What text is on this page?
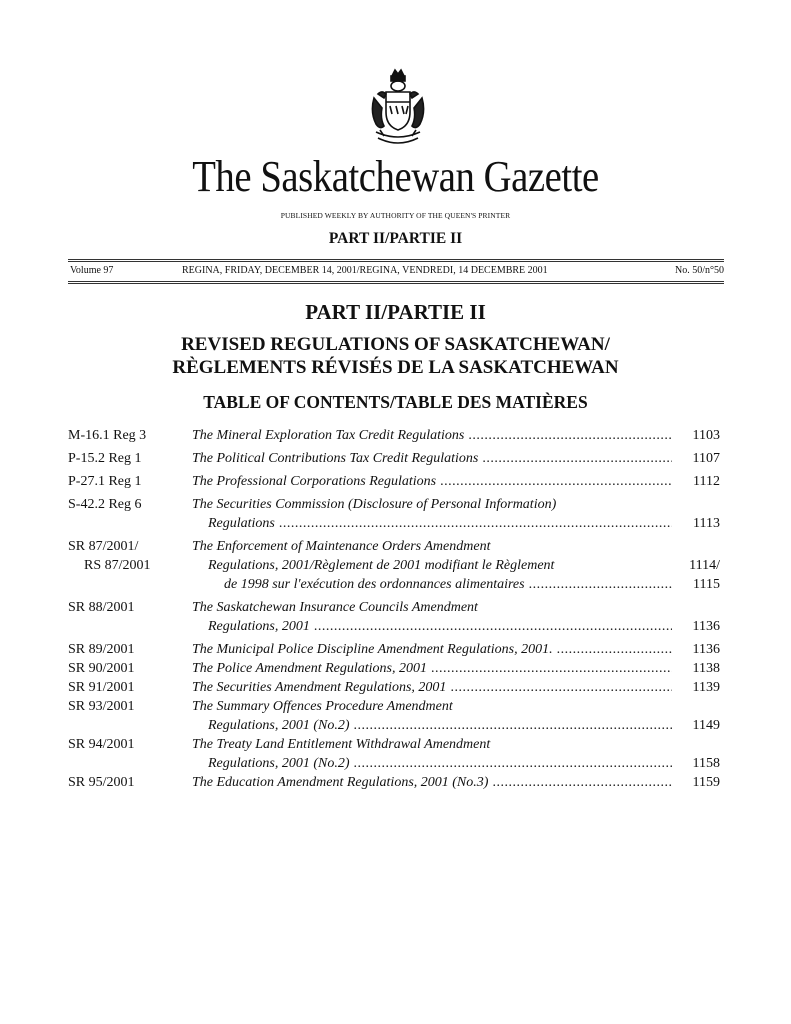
The Saskatchewan Gazette
PUBLISHED WEEKLY BY AUTHORITY OF THE QUEEN'S PRINTER
PART II/PARTIE II
Volume 97	REGINA, FRIDAY, DECEMBER 14, 2001/REGINA, VENDREDI, 14 DECEMBRE 2001	No. 50/n°50
PART II/PARTIE II
REVISED REGULATIONS OF SASKATCHEWAN/
RÈGLEMENTS RÉVISÉS DE LA SASKATCHEWAN
TABLE OF CONTENTS/TABLE DES MATIÈRES
M-16.1 Reg 3	The Mineral Exploration Tax Credit Regulations .....	1103
P-15.2 Reg 1	The Political Contributions Tax Credit Regulations .....	1107
P-27.1 Reg 1	The Professional Corporations Regulations .....	1112
S-42.2 Reg 6	The Securities Commission (Disclosure of Personal Information)
Regulations .....	1113
SR 87/2001/	The Enforcement of Maintenance Orders Amendment
RS 87/2001	Regulations, 2001/Règlement de 2001 modifiant le Règlement	1114/
de 1998 sur l'exécution des ordonnances alimentaires .....	1115
SR 88/2001	The Saskatchewan Insurance Councils Amendment
Regulations, 2001 .....	1136
SR 89/2001	The Municipal Police Discipline Amendment Regulations, 2001. .....	1136
SR 90/2001	The Police Amendment Regulations, 2001 .....	1138
SR 91/2001	The Securities Amendment Regulations, 2001 .....	1139
SR 93/2001	The Summary Offences Procedure Amendment
Regulations, 2001 (No.2) .....	1149
SR 94/2001	The Treaty Land Entitlement Withdrawal Amendment
Regulations, 2001 (No.2) .....	1158
SR 95/2001	The Education Amendment Regulations, 2001 (No.3) .....	1159
